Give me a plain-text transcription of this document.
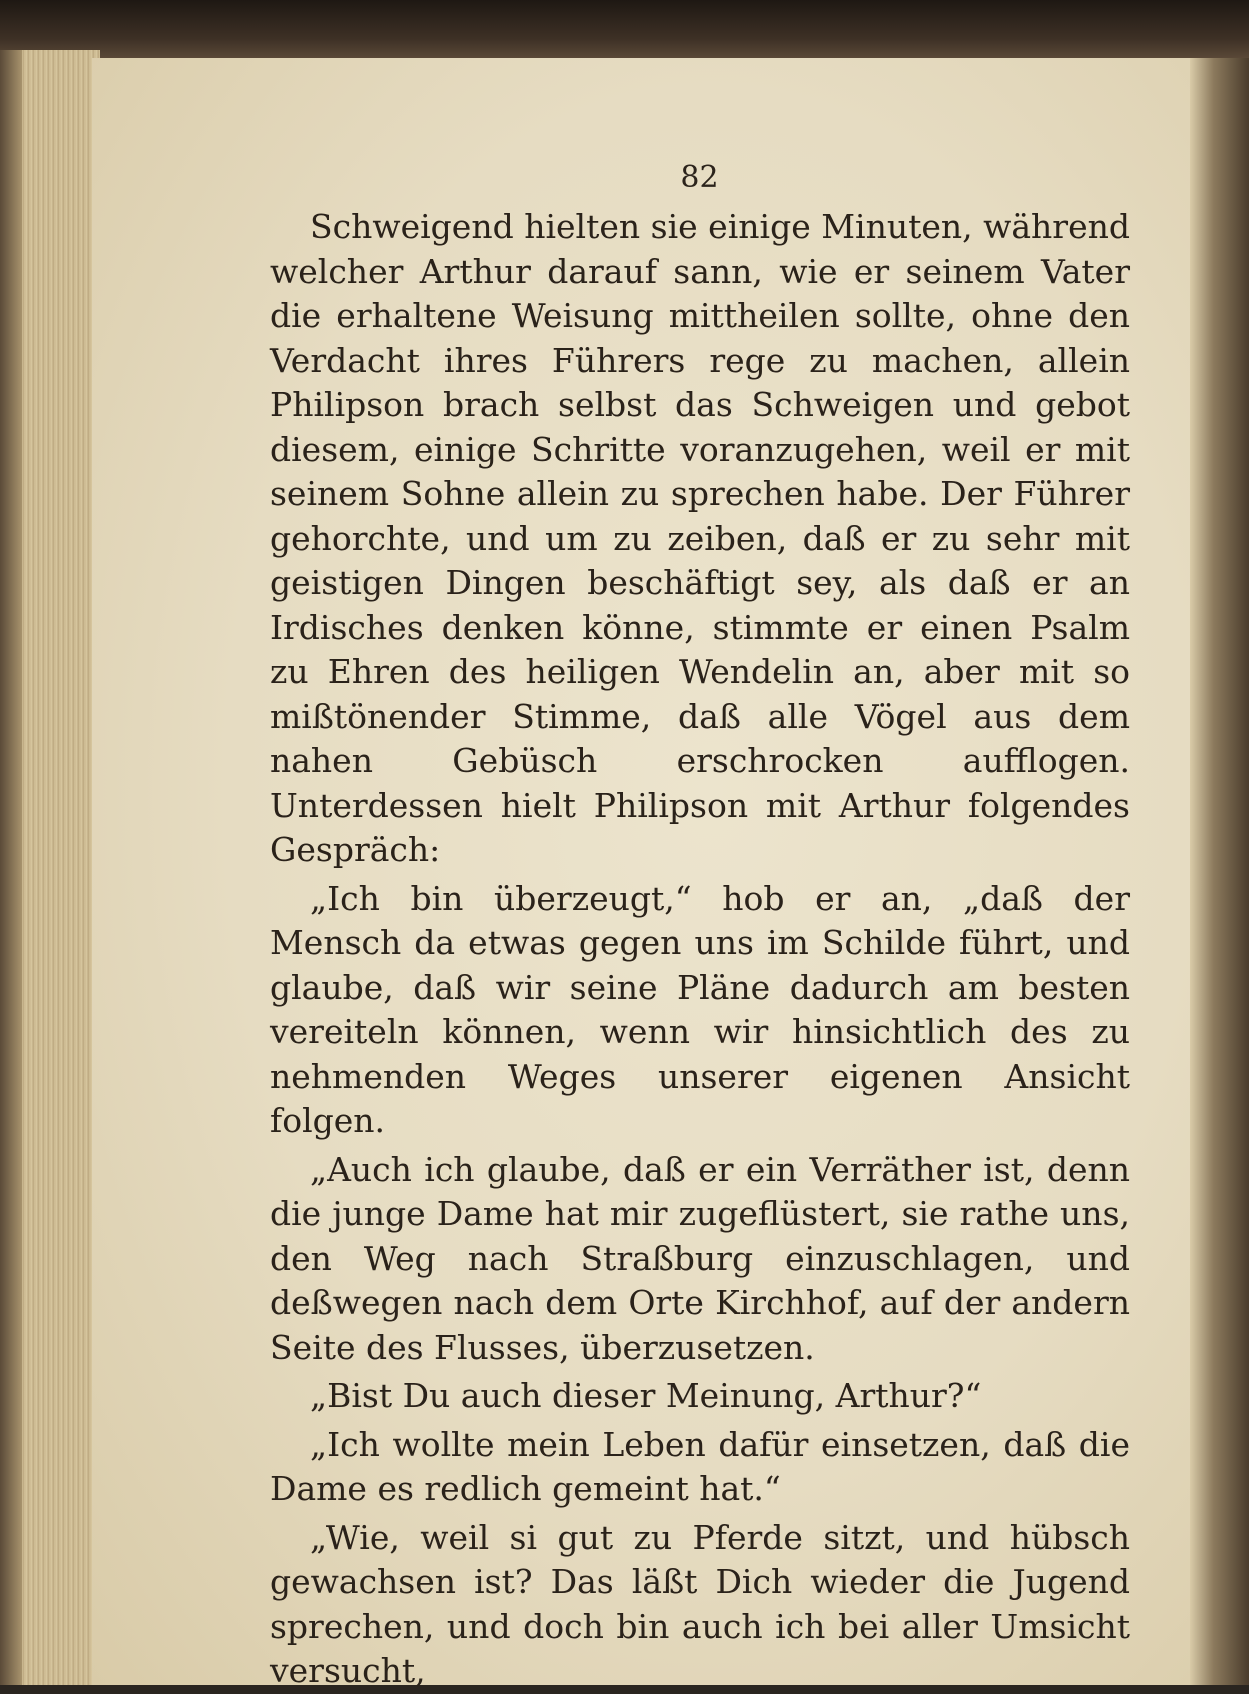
82

Schweigend hielten sie einige Minuten, während welcher Arthur darauf sann, wie er seinem Vater die erhaltene Weisung mittheilen sollte, ohne den Verdacht ihres Führers rege zu machen, allein Philipson brach selbst das Schweigen und gebot diesem, einige Schritte voranzugehen, weil er mit seinem Sohne allein zu sprechen habe. Der Führer gehorchte, und um zu zeiben, daß er zu sehr mit geistigen Dingen beschäftigt sey, als daß er an Irdisches denken könne, stimmte er einen Psalm zu Ehren des heiligen Wendelin an, aber mit so mißtönender Stimme, daß alle Vögel aus dem nahen Gebüsch erschrocken aufflogen. Unterdessen hielt Philipson mit Arthur folgendes Gespräch:

„Ich bin überzeugt,“ hob er an, „daß der Mensch da etwas gegen uns im Schilde führt, und glaube, daß wir seine Pläne dadurch am besten vereiteln können, wenn wir hinsichtlich des zu nehmenden Weges unserer eigenen Ansicht folgen.

„Auch ich glaube, daß er ein Verräther ist, denn die junge Dame hat mir zugeflüstert, sie rathe uns, den Weg nach Straßburg einzuschlagen, und deßwegen nach dem Orte Kirchhof, auf der andern Seite des Flusses, überzusetzen.

„Bist Du auch dieser Meinung, Arthur?“

„Ich wollte mein Leben dafür einsetzen, daß die Dame es redlich gemeint hat.“

„Wie, weil si gut zu Pferde sitzt, und hübsch gewachsen ist? Das läßt Dich wieder die Jugend sprechen, und doch bin auch ich bei aller Umsicht versucht,
